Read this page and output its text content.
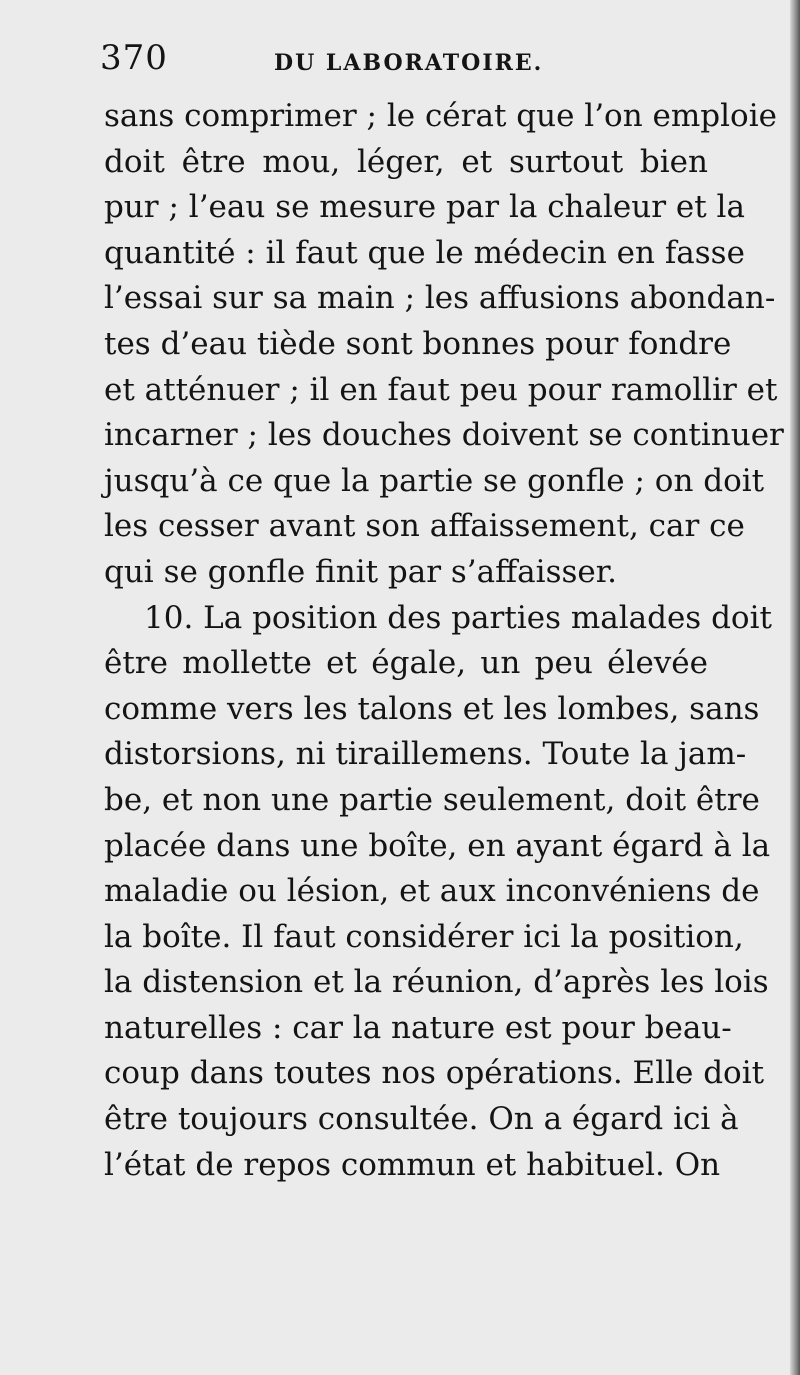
370	DU LABORATOIRE.
sans comprimer ; le cérat que l’on emploie
doit être mou, léger, et surtout bien
pur ; l’eau se mesure par la chaleur et la
quantité : il faut que le médecin en fasse
l’essai sur sa main ; les affusions abondan-
tes d’eau tiède sont bonnes pour fondre
et atténuer ; il en faut peu pour ramollir et
incarner ; les douches doivent se continuer
jusqu’à ce que la partie se gonfle ; on doit
les cesser avant son affaissement, car ce
qui se gonfle finit par s’affaisser.
10. La position des parties malades doit
être mollette et égale, un peu élevée
comme vers les talons et les lombes, sans
distorsions, ni tiraillemens. Toute la jam-
be, et non une partie seulement, doit être
placée dans une boîte, en ayant égard à la
maladie ou lésion, et aux inconvéniens de
la boîte. Il faut considérer ici la position,
la distension et la réunion, d’après les lois
naturelles : car la nature est pour beau-
coup dans toutes nos opérations. Elle doit
être toujours consultée. On a égard ici à
l’état de repos commun et habituel. On
